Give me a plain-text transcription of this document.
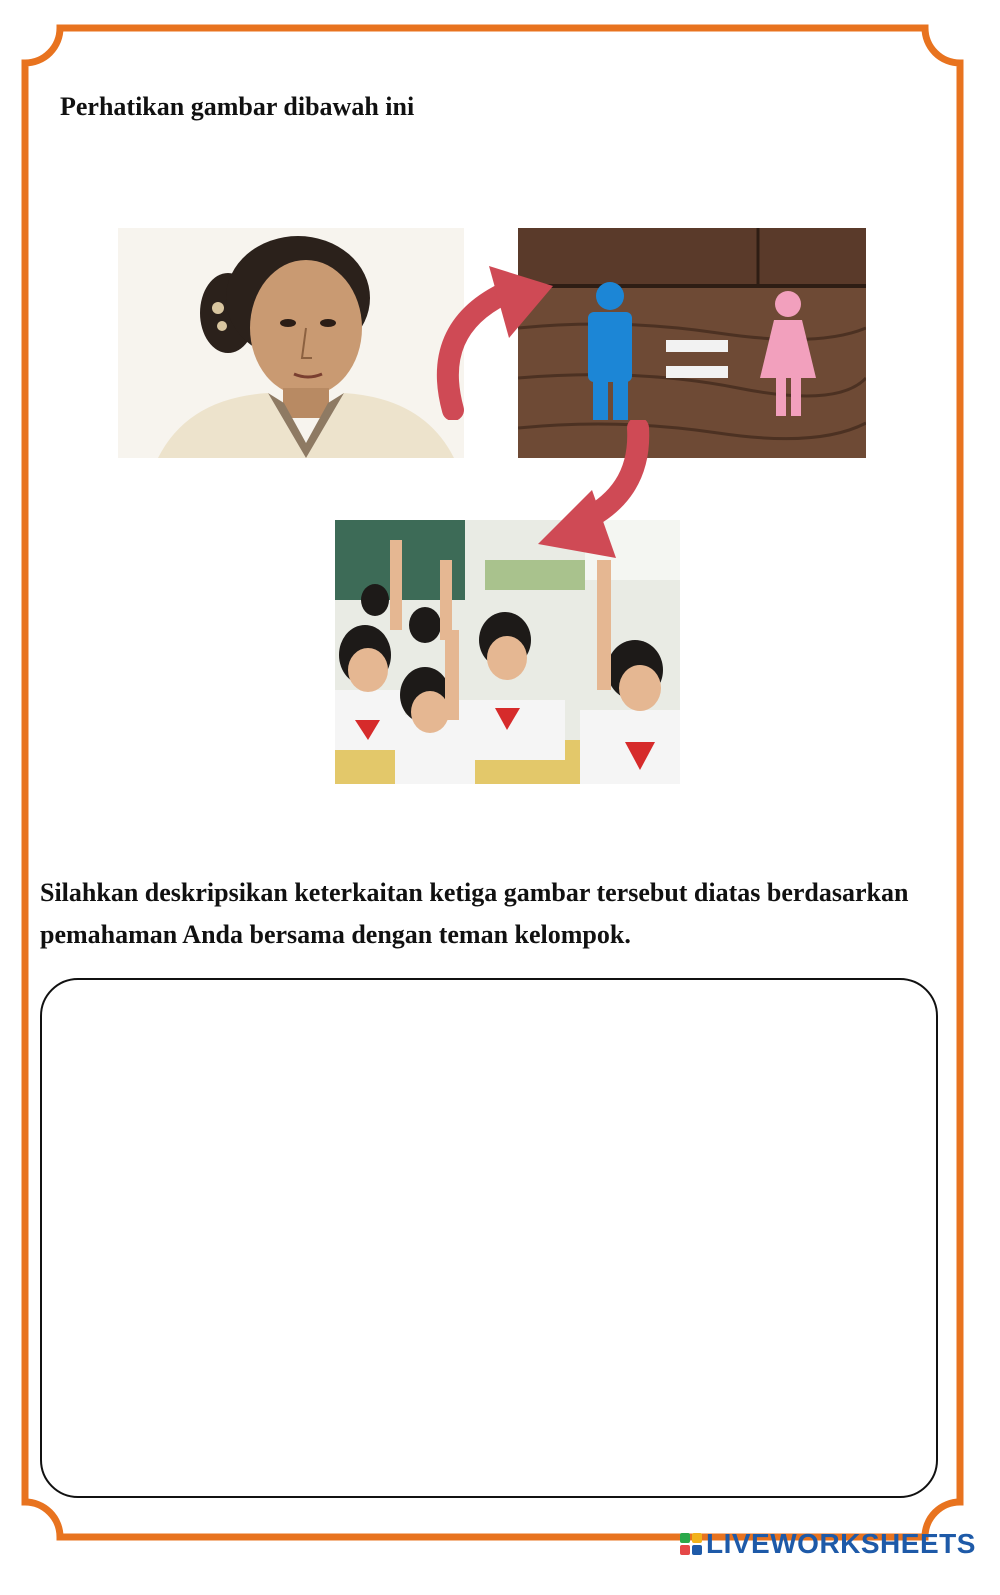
Perhatikan gambar dibawah ini

Silahkan deskripsikan keterkaitan ketiga gambar tersebut diatas berdasarkan pemahaman Anda bersama dengan teman kelompok.

LIVEWORKSHEETS
